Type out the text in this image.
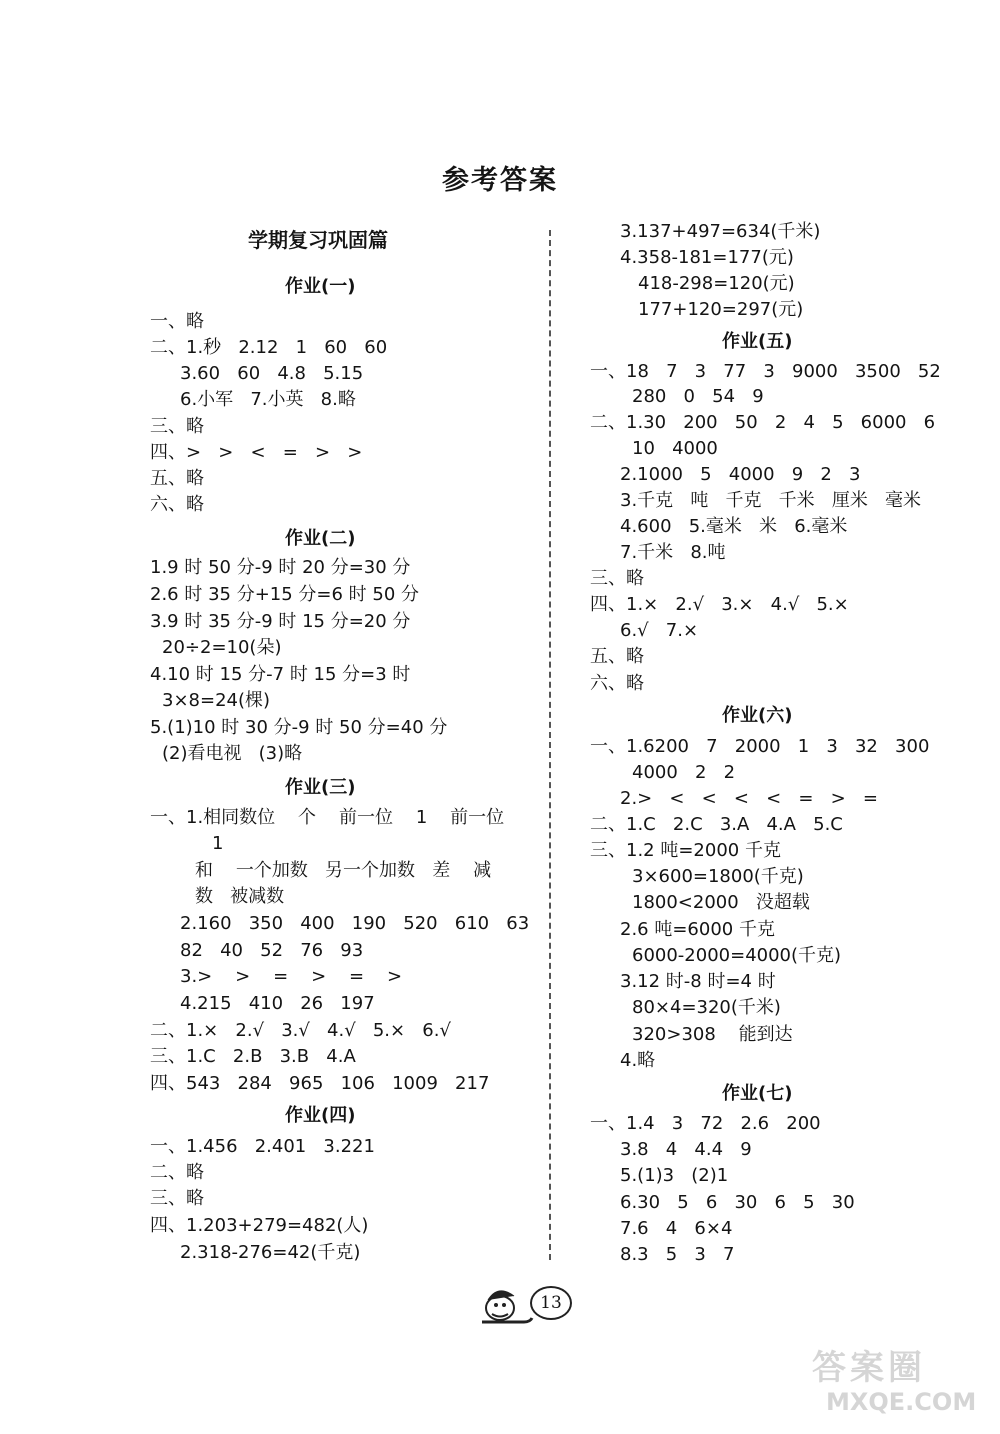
参考答案
学期复习巩固篇
作业(一)
一、略
二、1.秒   2.12   1   60   60
3.60   60   4.8   5.15
6.小军   7.小英   8.略
三、略
四、>   >   <   =   >   >
五、略
六、略
作业(二)
1.9 时 50 分-9 时 20 分=30 分
2.6 时 35 分+15 分=6 时 50 分
3.9 时 35 分-9 时 15 分=20 分
20÷2=10(朵)
4.10 时 15 分-7 时 15 分=3 时
3×8=24(棵)
5.(1)10 时 30 分-9 时 50 分=40 分
(2)看电视   (3)略
作业(三)
一、1.相同数位    个    前一位    1    前一位
1
和    一个加数   另一个加数   差    减
数   被减数
2.160   350   400   190   520   610   63
82   40   52   76   93
3.>    >    =    >    =    >
4.215   410   26   197
二、1.×   2.√   3.√   4.√   5.×   6.√
三、1.C   2.B   3.B   4.A
四、543   284   965   106   1009   217
作业(四)
一、1.456   2.401   3.221
二、略
三、略
四、1.203+279=482(人)
2.318-276=42(千克)
3.137+497=634(千米)
4.358-181=177(元)
418-298=120(元)
177+120=297(元)
作业(五)
一、18   7   3   77   3   9000   3500   52
280   0   54   9
二、1.30   200   50   2   4   5   6000   6
10   4000
2.1000   5   4000   9   2   3
3.千克   吨   千克   千米   厘米   毫米
4.600   5.毫米   米   6.毫米
7.千米   8.吨
三、略
四、1.×   2.√   3.×   4.√   5.×
6.√   7.×
五、略
六、略
作业(六)
一、1.6200   7   2000   1   3   32   300
4000   2   2
2.>   <   <   <   <   =   >   =
二、1.C   2.C   3.A   4.A   5.C
三、1.2 吨=2000 千克
3×600=1800(千克)
1800<2000   没超载
2.6 吨=6000 千克
6000-2000=4000(千克)
3.12 时-8 时=4 时
80×4=320(千米)
320>308    能到达
4.略
作业(七)
一、1.4   3   72   2.6   200
3.8   4   4.4   9
5.(1)3   (2)1
6.30   5   6   30   6   5   30
7.6   4   6×4
8.3   5   3   7
13
答案圈
MXQE.COM
